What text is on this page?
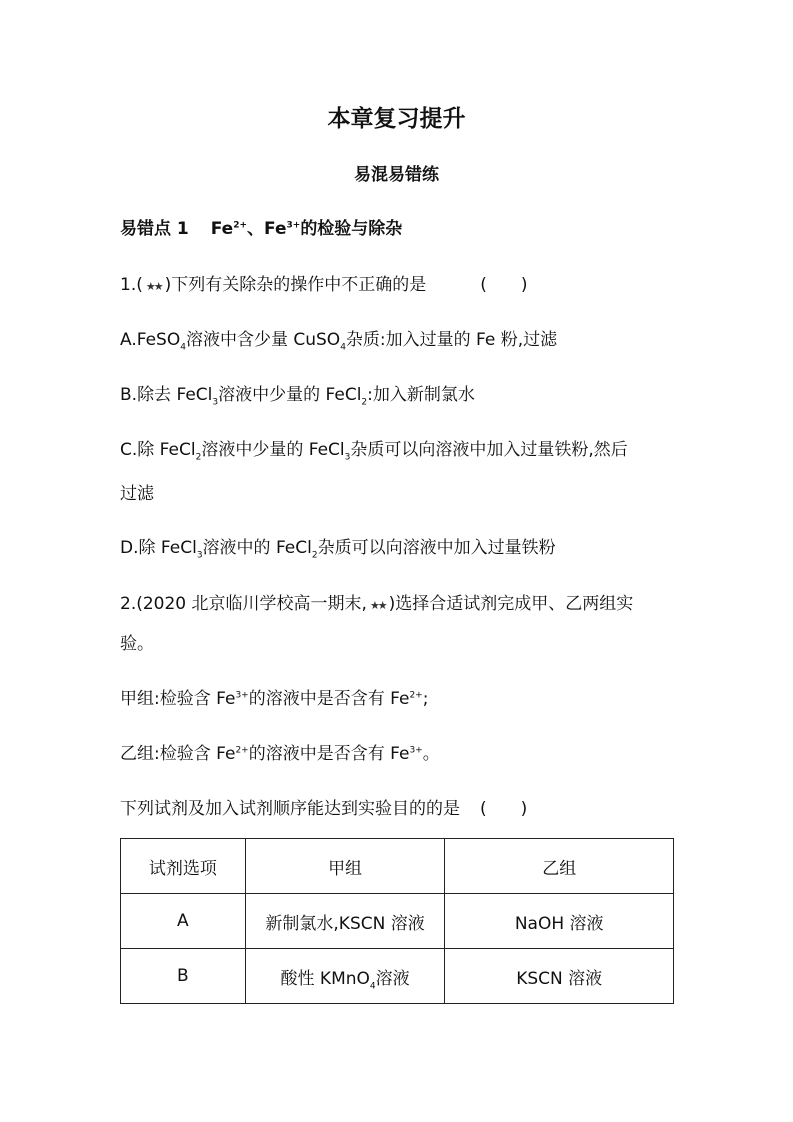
本章复习提升
易混易错练
易错点 1 $Fe^{2+}$、$Fe^{3+}$的检验与除杂
1.( ★★ )下列有关除杂的操作中不正确的是	(　　)
A.FeSO$_4$溶液中含少量 CuSO$_4$杂质:加入过量的 Fe 粉,过滤
B.除去 FeCl$_3$溶液中少量的 FeCl$_2$:加入新制氯水
C.除 FeCl$_2$溶液中少量的 FeCl$_3$杂质可以向溶液中加入过量铁粉,然后
过滤
D.除 FeCl$_3$溶液中的 FeCl$_2$杂质可以向溶液中加入过量铁粉
2.(2020 北京临川学校高一期末, ★★ )选择合适试剂完成甲、乙两组实
验。
甲组:检验含 $Fe^{3+}$的溶液中是否含有 $Fe^{2+}$;
乙组:检验含 $Fe^{2+}$的溶液中是否含有 $Fe^{3+}$。
下列试剂及加入试剂顺序能达到实验目的的是 (　　)
试剂选项	甲组	乙组
A	新制氯水,KSCN 溶液	NaOH 溶液
B	酸性 KMnO$_4$溶液	KSCN 溶液
